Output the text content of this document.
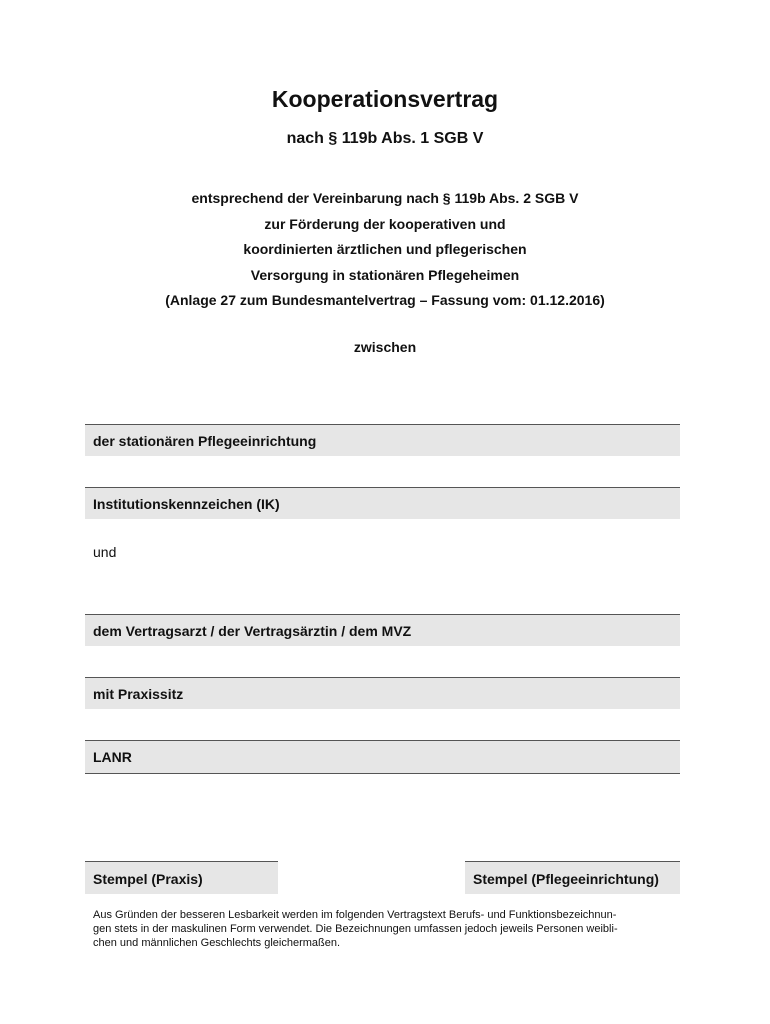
Kooperationsvertrag
nach § 119b Abs. 1 SGB V
entsprechend der Vereinbarung nach § 119b Abs. 2 SGB V
zur Förderung der kooperativen und
koordinierten ärztlichen und pflegerischen
Versorgung in stationären Pflegeheimen
(Anlage 27 zum Bundesmantelvertrag – Fassung vom: 01.12.2016)
zwischen
der stationären Pflegeeinrichtung
Institutionskennzeichen (IK)
und
dem Vertragsarzt / der Vertragsärztin / dem MVZ
mit Praxissitz
LANR
Stempel (Praxis)	Stempel (Pflegeeinrichtung)
Aus Gründen der besseren Lesbarkeit werden im folgenden Vertragstext Berufs- und Funktionsbezeichnun-
gen stets in der maskulinen Form verwendet. Die Bezeichnungen umfassen jedoch jeweils Personen weibli-
chen und männlichen Geschlechts gleichermaßen.
